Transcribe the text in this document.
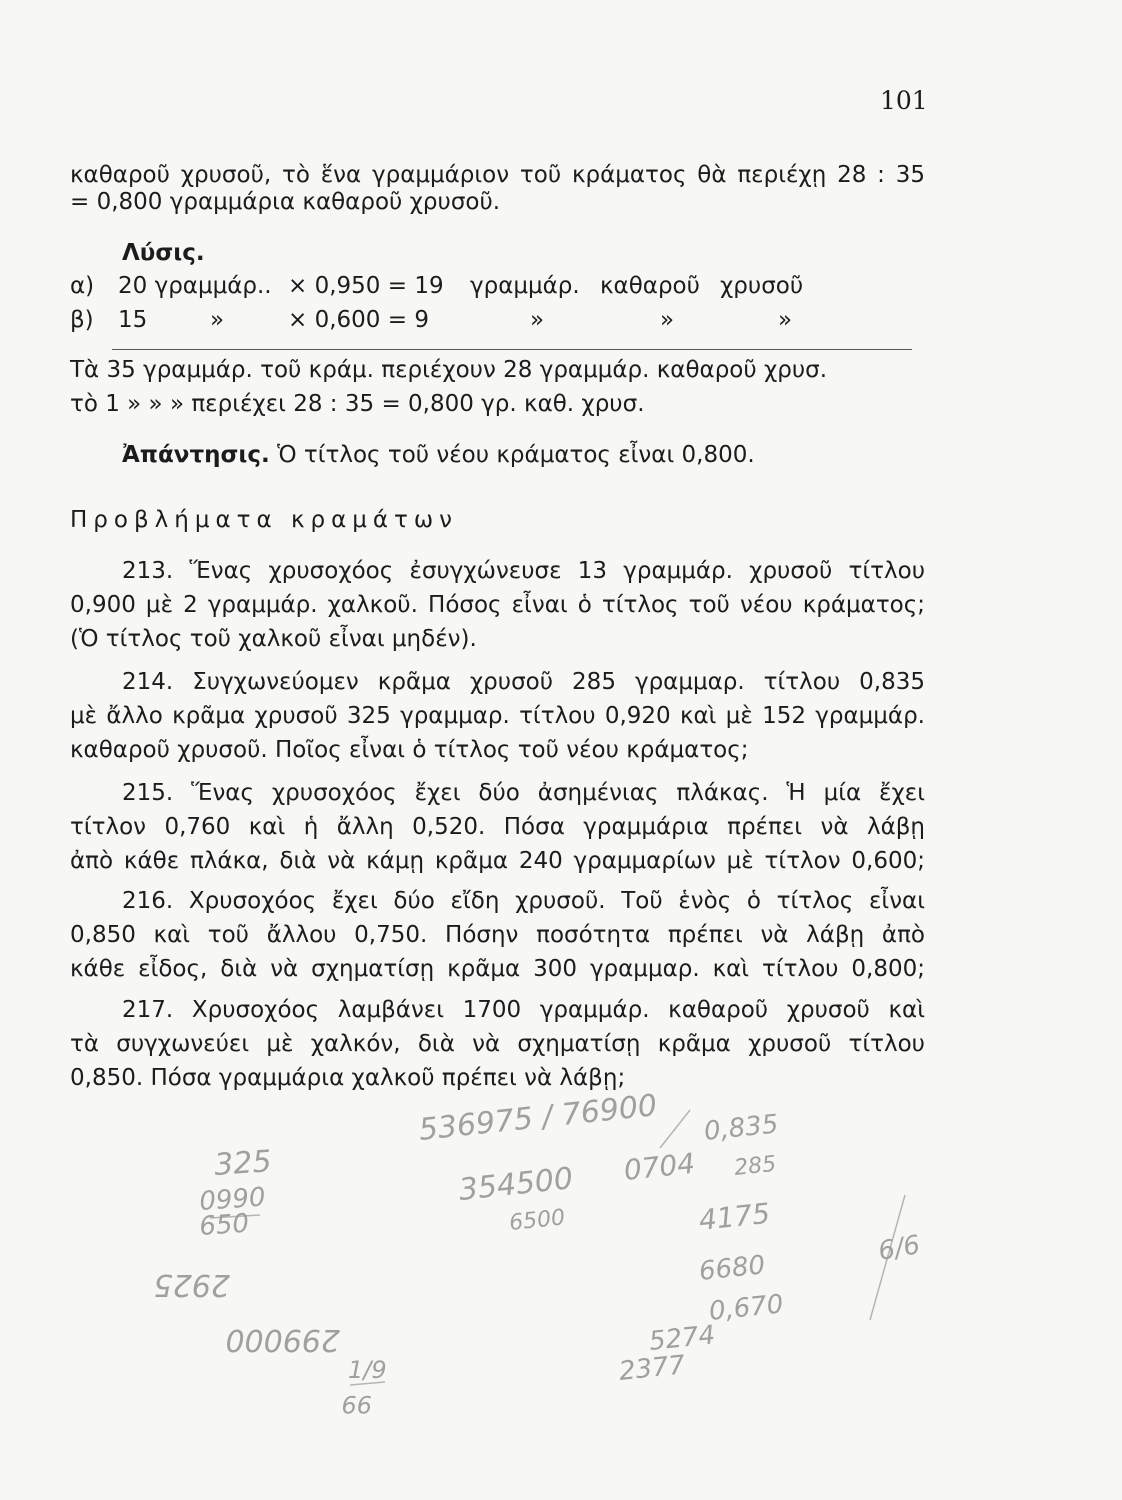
101
καθαροῦ χρυσοῦ, τὸ ἕνα γραμμάριον τοῦ κράματος θὰ περιέχῃ 28 : 35
= 0,800 γραμμάρια καθαροῦ χρυσοῦ.
Λύσις.
α) 20 γραμμάρ.. × 0,950 = 19 γραμμάρ. καθαροῦ χρυσοῦ
β) 15	»	× 0,600 = 9	»	»	»
Τὰ 35 γραμμάρ. τοῦ κράμ. περιέχουν 28 γραμμάρ. καθαροῦ χρυσ.
τὸ 1 » » » περιέχει 28 : 35 = 0,800 γρ. καθ. χρυσ.
Ἀπάντησις. Ὁ τίτλος τοῦ νέου κράματος εἶναι 0,800.
Προβλήματα κραμάτων
213. Ἕνας χρυσοχόος ἐσυγχώνευσε 13 γραμμάρ. χρυσοῦ τίτλου
0,900 μὲ 2 γραμμάρ. χαλκοῦ. Πόσος εἶναι ὁ τίτλος τοῦ νέου κράματος;
(Ὁ τίτλος τοῦ χαλκοῦ εἶναι μηδέν).
214. Συγχωνεύομεν κρᾶμα χρυσοῦ 285 γραμμαρ. τίτλου 0,835
μὲ ἄλλο κρᾶμα χρυσοῦ 325 γραμμαρ. τίτλου 0,920 καὶ μὲ 152 γραμμάρ.
καθαροῦ χρυσοῦ. Ποῖος εἶναι ὁ τίτλος τοῦ νέου κράματος;
215. Ἕνας χρυσοχόος ἔχει δύο ἀσημένιας πλάκας. Ἡ μία ἔχει
τίτλον 0,760 καὶ ἡ ἄλλη 0,520. Πόσα γραμμάρια πρέπει νὰ λάβῃ
ἀπὸ κάθε πλάκα, διὰ νὰ κάμῃ κρᾶμα 240 γραμμαρίων μὲ τίτλον 0,600;
216. Χρυσοχόος ἔχει δύο εἴδη χρυσοῦ. Τοῦ ἑνὸς ὁ τίτλος εἶναι
0,850 καὶ τοῦ ἄλλου 0,750. Πόσην ποσότητα πρέπει νὰ λάβῃ ἀπὸ
κάθε εἶδος, διὰ νὰ σχηματίσῃ κρᾶμα 300 γραμμαρ. καὶ τίτλου 0,800;
217. Χρυσοχόος λαμβάνει 1700 γραμμάρ. καθαροῦ χρυσοῦ καὶ
τὰ συγχωνεύει μὲ χαλκόν, διὰ νὰ σχηματίσῃ κρᾶμα χρυσοῦ τίτλου
0,850. Πόσα γραμμάρια χαλκοῦ πρέπει νὰ λάβῃ;
536975 / 76900 0,835
354500 0704 285
6500	4175
6680
0,670
6/6
5274
2377
325
0990
650
2925
299000
1/9
99
